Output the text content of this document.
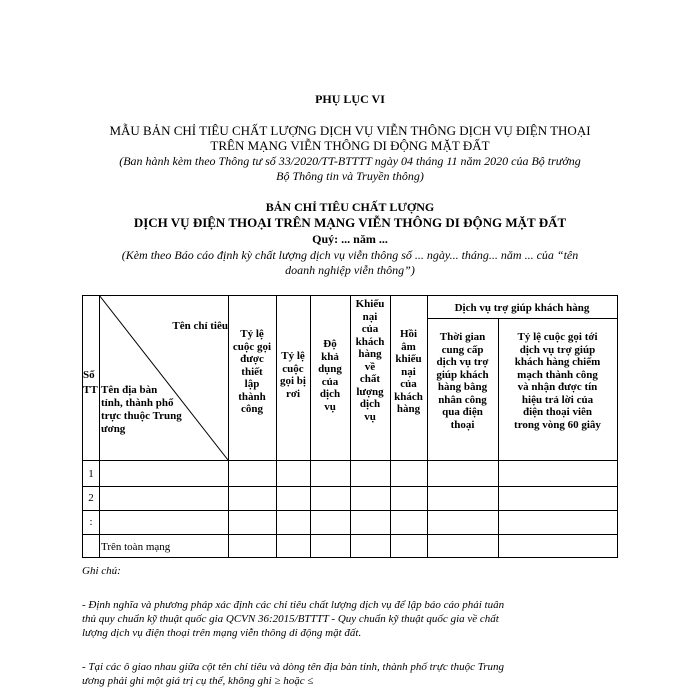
PHỤ LỤC VI
MẪU BẢN CHỈ TIÊU CHẤT LƯỢNG DỊCH VỤ VIỄN THÔNG DỊCH VỤ ĐIỆN THOẠI
TRÊN MẠNG VIỄN THÔNG DI ĐỘNG MẶT ĐẤT
(Ban hành kèm theo Thông tư số 33/2020/TT-BTTTT ngày 04 tháng 11 năm 2020 của Bộ trưởng
Bộ Thông tin và Truyền thông)
BẢN CHỈ TIÊU CHẤT LƯỢNG
DỊCH VỤ ĐIỆN THOẠI TRÊN MẠNG VIỄN THÔNG DI ĐỘNG MẶT ĐẤT
Quý: ... năm ...
(Kèm theo Báo cáo định kỳ chất lượng dịch vụ viễn thông số ... ngày... tháng... năm ... của “tên
doanh nghiệp viễn thông”)
Số
TT
Tên chỉ tiêu
Tên địa bàn
tỉnh, thành phố
trực thuộc Trung
ương
Tỷ lệ
cuộc gọi
được
thiết
lập
thành
công
Tỷ lệ
cuộc
gọi bị
rơi
Độ
khả
dụng
của
dịch
vụ
Khiếu
nại
của
khách
hàng
về
chất
lượng
dịch
vụ
Hồi
âm
khiếu
nại
của
khách
hàng
Dịch vụ trợ giúp khách hàng
Thời gian
cung cấp
dịch vụ trợ
giúp khách
hàng bằng
nhân công
qua điện
thoại
Tỷ lệ cuộc gọi tới
dịch vụ trợ giúp
khách hàng chiếm
mạch thành công
và nhận được tín
hiệu trả lời của
điện thoại viên
trong vòng 60 giây
1
2
:
Trên toàn mạng
Ghi chú:
- Định nghĩa và phương pháp xác định các chỉ tiêu chất lượng dịch vụ để lập báo cáo phải tuân
thủ quy chuẩn kỹ thuật quốc gia QCVN 36:2015/BTTTT - Quy chuẩn kỹ thuật quốc gia về chất
lượng dịch vụ điện thoại trên mạng viễn thông di động mặt đất.
- Tại các ô giao nhau giữa cột tên chỉ tiêu và dòng tên địa bàn tỉnh, thành phố trực thuộc Trung
ương phải ghi một giá trị cụ thể, không ghi ≥ hoặc ≤
